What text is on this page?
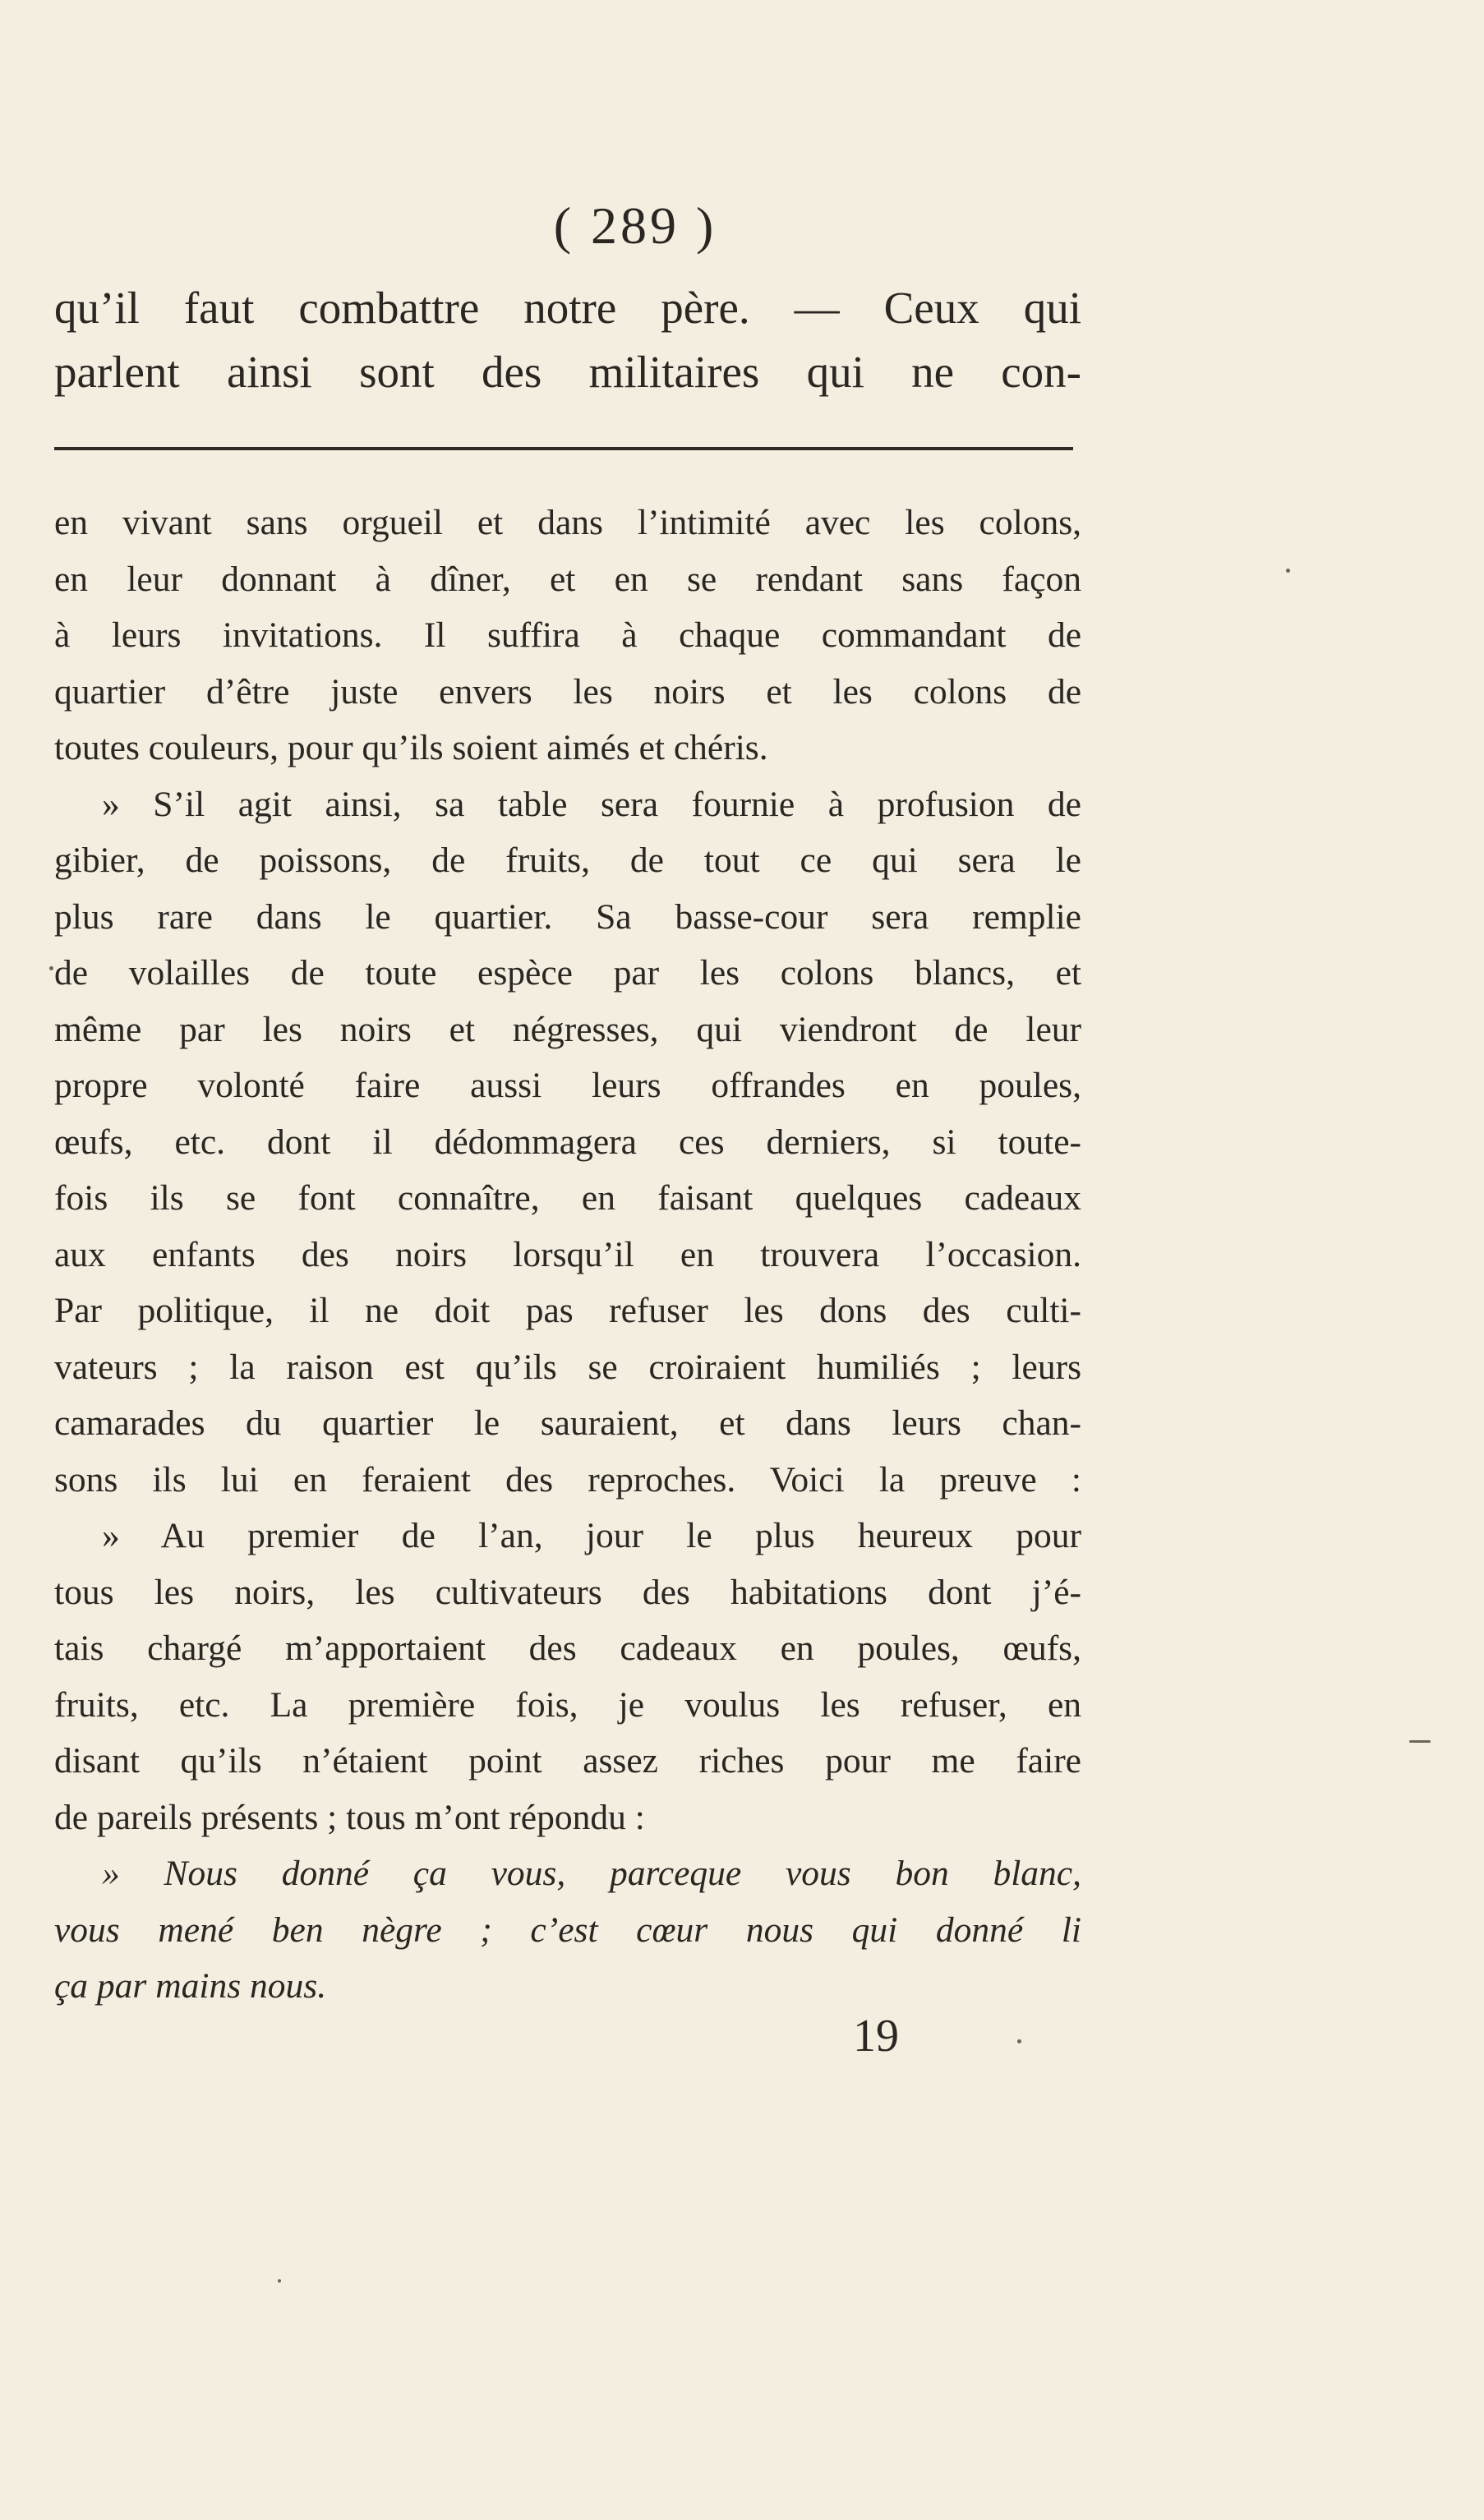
( 289 )
qu’il faut combattre notre père. — Ceux qui
parlent ainsi sont des militaires qui ne con-
en vivant sans orgueil et dans l’intimité avec les colons,
en leur donnant à dîner, et en se rendant sans façon
à leurs invitations. Il suffira à chaque commandant de
quartier d’être juste envers les noirs et les colons de
toutes couleurs, pour qu’ils soient aimés et chéris.
» S’il agit ainsi, sa table sera fournie à profusion de
gibier, de poissons, de fruits, de tout ce qui sera le
plus rare dans le quartier. Sa basse-cour sera remplie
de volailles de toute espèce par les colons blancs, et
même par les noirs et négresses, qui viendront de leur
propre volonté faire aussi leurs offrandes en poules,
œufs, etc. dont il dédommagera ces derniers, si toute-
fois ils se font connaître, en faisant quelques cadeaux
aux enfants des noirs lorsqu’il en trouvera l’occasion.
Par politique, il ne doit pas refuser les dons des culti-
vateurs ; la raison est qu’ils se croiraient humiliés ; leurs
camarades du quartier le sauraient, et dans leurs chan-
sons ils lui en feraient des reproches. Voici la preuve :
» Au premier de l’an, jour le plus heureux pour
tous les noirs, les cultivateurs des habitations dont j’é-
tais chargé m’apportaient des cadeaux en poules, œufs,
fruits, etc. La première fois, je voulus les refuser, en
disant qu’ils n’étaient point assez riches pour me faire
de pareils présents ; tous m’ont répondu :
» Nous donné ça vous, parceque vous bon blanc,
vous mené ben nègre ; c’est cœur nous qui donné li
ça par mains nous.
19
